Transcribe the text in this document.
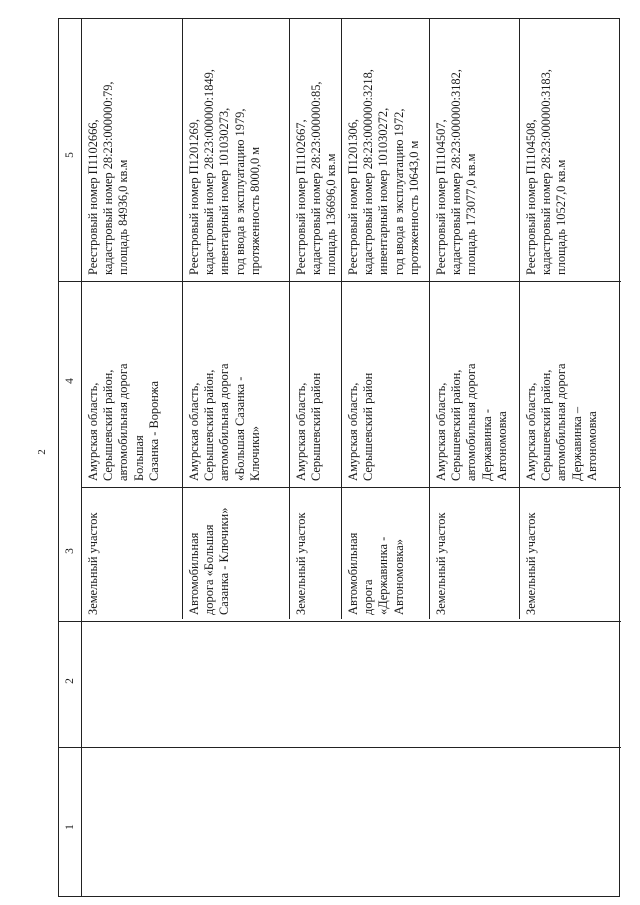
2
1
2
3
4
5
Земельный участок
Амурская область,
Серышевский район,
автомобильная дорога
Большая
Сазанка - Воронжа
Реестровый номер П1102666,
кадастровый номер 28:23:000000:79,
площадь 84936,0 кв.м
Автомобильная
дорога «Большая
Сазанка - Ключики»
Амурская область,
Серышевский район,
автомобильная дорога
«Большая Сазанка -
Ключики»
Реестровый номер П1201269,
кадастровый номер 28:23:000000:1849,
инвентарный номер 101030273,
год ввода в эксплуатацию 1979,
протяженность 8000,0 м
Земельный участок
Амурская область,
Серышевский район
Реестровый номер П1102667,
кадастровый номер 28:23:000000:85,
площадь 136696,0 кв.м
Автомобильная
дорога
«Державинка -
Автономовка»
Амурская область,
Серышевский район
Реестровый номер П1201306,
кадастровый номер 28:23:000000:3218,
инвентарный номер 101030272,
год ввода в эксплуатацию 1972,
протяженность 10643,0 м
Земельный участок
Амурская область,
Серышевский район,
автомобильная дорога
Державинка -
Автономовка
Реестровый номер П1104507,
кадастровый номер 28:23:000000:3182,
площадь 173077,0 кв.м
Земельный участок
Амурская область,
Серышевский район,
автомобильная дорога
Державинка –
Автономовка
Реестровый номер П1104508,
кадастровый номер 28:23:000000:3183,
площадь 10527,0 кв.м
